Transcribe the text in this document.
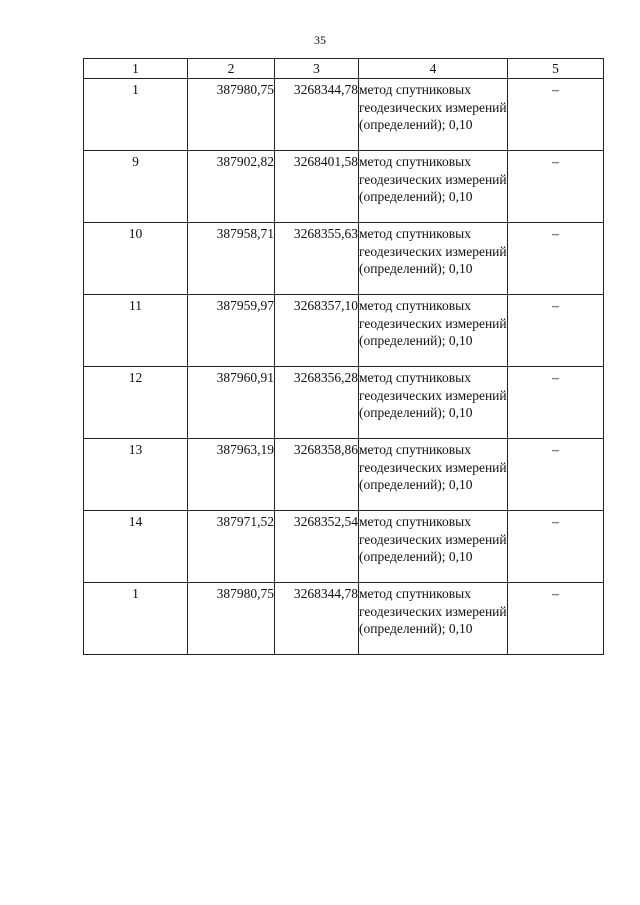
35
1	2	3	4	5
1	387980,75	3268344,78	метод спутниковых геодезических измерений (определений); 0,10	–
9	387902,82	3268401,58	метод спутниковых геодезических измерений (определений); 0,10	–
10	387958,71	3268355,63	метод спутниковых геодезических измерений (определений); 0,10	–
11	387959,97	3268357,10	метод спутниковых геодезических измерений (определений); 0,10	–
12	387960,91	3268356,28	метод спутниковых геодезических измерений (определений); 0,10	–
13	387963,19	3268358,86	метод спутниковых геодезических измерений (определений); 0,10	–
14	387971,52	3268352,54	метод спутниковых геодезических измерений (определений); 0,10	–
1	387980,75	3268344,78	метод спутниковых геодезических измерений (определений); 0,10	–
